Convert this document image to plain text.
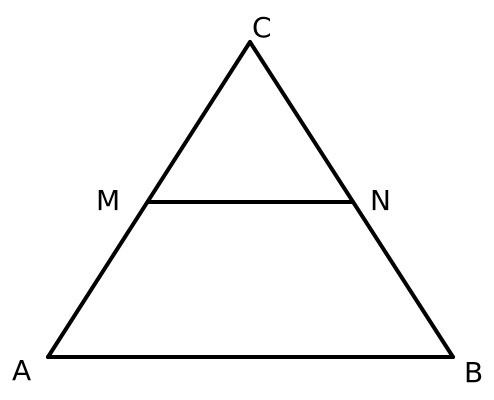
C
M	N
A	B
